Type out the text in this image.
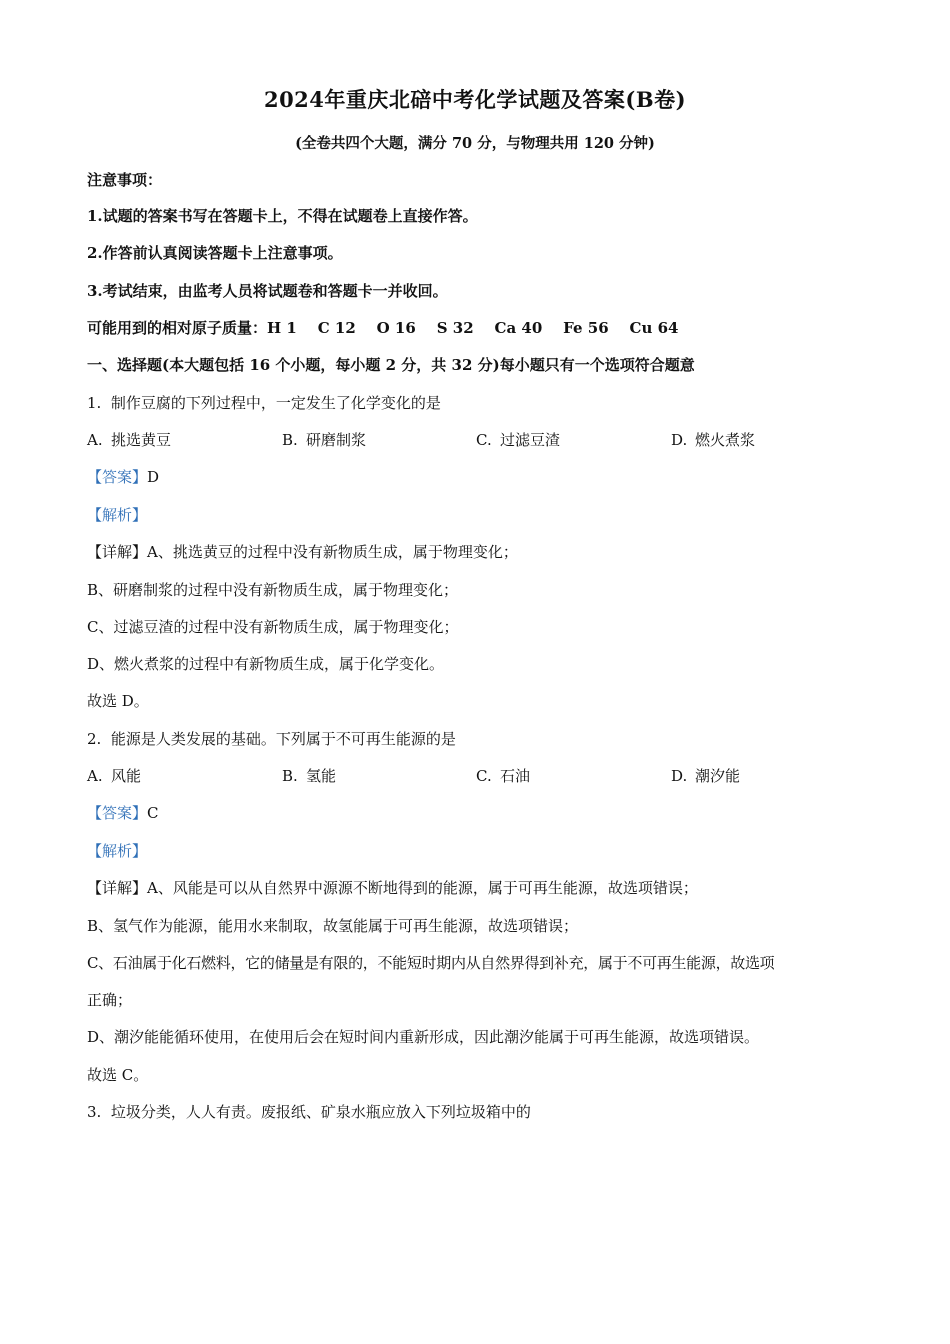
2024年重庆北碚中考化学试题及答案(B卷)
(全卷共四个大题，满分 70 分，与物理共用 120 分钟)
注意事项：
1.试题的答案书写在答题卡上，不得在试题卷上直接作答。
2.作答前认真阅读答题卡上注意事项。
3.考试结束，由监考人员将试题卷和答题卡一并收回。
可能用到的相对原子质量：H 1    C 12    O 16    S 32    Ca 40    Fe 56    Cu 64
一、选择题(本大题包括 16 个小题，每小题 2 分，共 32 分)每小题只有一个选项符合题意
1.  制作豆腐的下列过程中，一定发生了化学变化的是
A. 挑选黄豆	B. 研磨制浆	C. 过滤豆渣	D. 燃火煮浆
【答案】D
【解析】
【详解】A、挑选黄豆的过程中没有新物质生成，属于物理变化；
B、研磨制浆的过程中没有新物质生成，属于物理变化；
C、过滤豆渣的过程中没有新物质生成，属于物理变化；
D、燃火煮浆的过程中有新物质生成，属于化学变化。
故选 D。
2.  能源是人类发展的基础。下列属于不可再生能源的是
A. 风能	B. 氢能	C. 石油	D. 潮汐能
【答案】C
【解析】
【详解】A、风能是可以从自然界中源源不断地得到的能源，属于可再生能源，故选项错误；
B、氢气作为能源，能用水来制取，故氢能属于可再生能源，故选项错误；
C、石油属于化石燃料，它的储量是有限的，不能短时期内从自然界得到补充，属于不可再生能源，故选项
正确；
D、潮汐能能循环使用，在使用后会在短时间内重新形成，因此潮汐能属于可再生能源，故选项错误。
故选 C。
3.  垃圾分类，人人有责。废报纸、矿泉水瓶应放入下列垃圾箱中的
